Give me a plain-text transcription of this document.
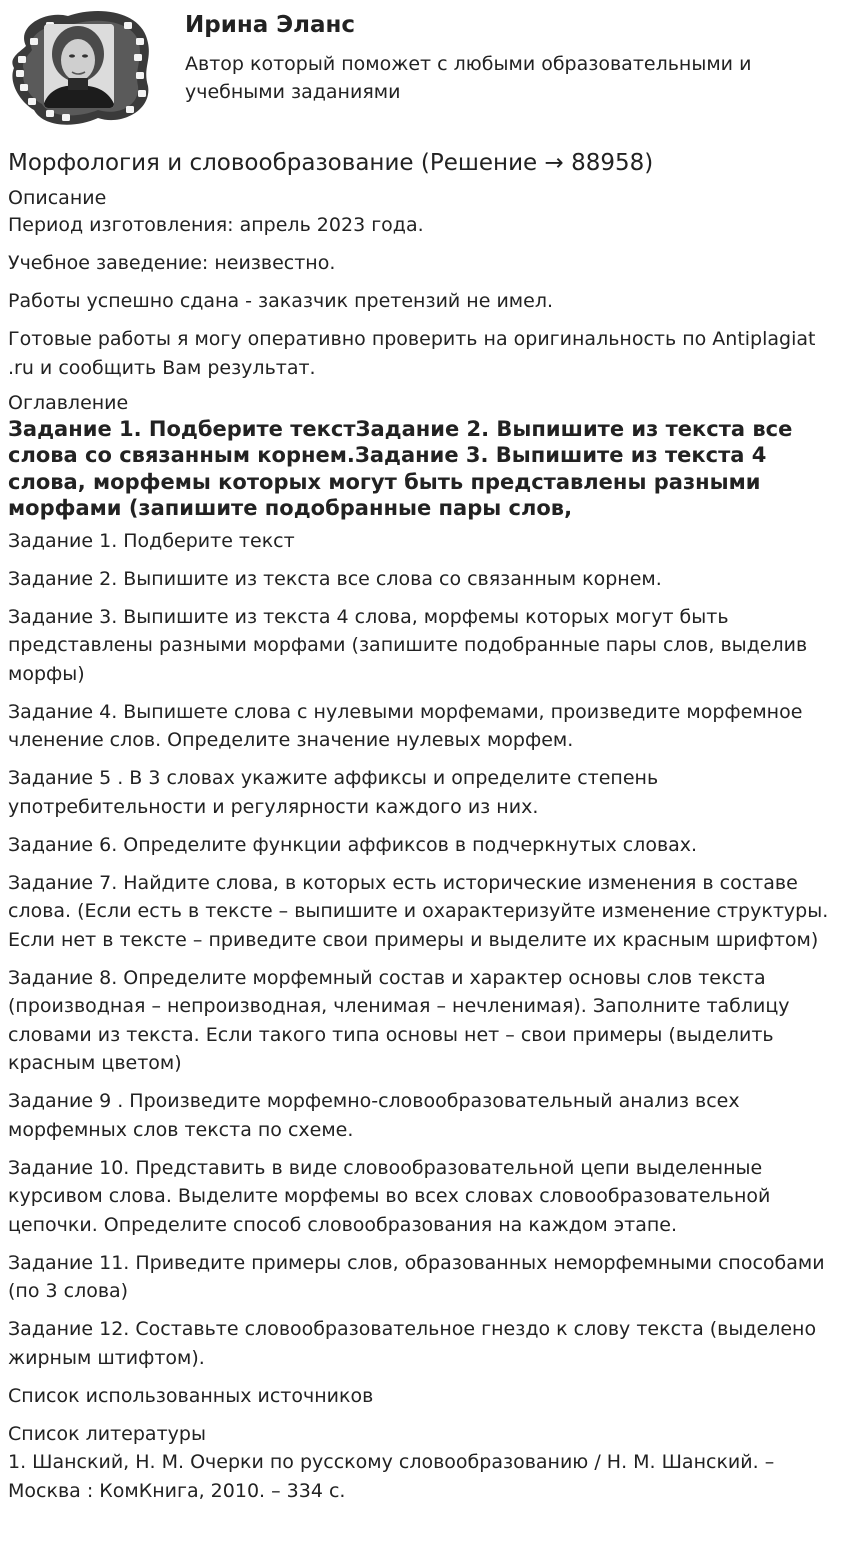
Ирина Эланс
Автор который поможет с любыми образовательными и учебными заданиями
Морфология и словообразование (Решение → 88958)
Описание

Период изготовления: апрель 2023 года.

Учебное заведение: неизвестно.

Работы успешно сдана - заказчик претензий не имел.

Готовые работы я могу оперативно проверить на оригинальность по Antiplagiat .ru и сообщить Вам результат.

Оглавление

Задание 1. Подберите текстЗадание 2. Выпишите из текста все слова со связанным корнем.Задание 3. Выпишите из текста 4 слова, морфемы которых могут быть представлены разными морфами (запишите подобранные пары слов,

Задание 1. Подберите текст

Задание 2. Выпишите из текста все слова со связанным корнем.

Задание 3. Выпишите из текста 4 слова, морфемы которых могут быть представлены разными морфами (запишите подобранные пары слов, выделив морфы)

Задание 4. Выпишете слова с нулевыми морфемами, произведите морфемное членение слов. Определите значение нулевых морфем.

Задание 5 . В 3 словах укажите аффиксы и определите степень употребительности и регулярности каждого из них.

Задание 6. Определите функции аффиксов в подчеркнутых словах.

Задание 7. Найдите слова, в которых есть исторические изменения в составе слова. (Если есть в тексте – выпишите и охарактеризуйте изменение структуры. Если нет в тексте – приведите свои примеры и выделите их красным шрифтом)

Задание 8. Определите морфемный состав и характер основы слов текста (производная – непроизводная, членимая – нечленимая). Заполните таблицу словами из текста. Если такого типа основы нет – свои примеры (выделить красным цветом)

Задание 9 . Произведите морфемно-словообразовательный анализ всех морфемных слов текста по схеме.

Задание 10. Представить в виде словообразовательной цепи выделенные курсивом слова. Выделите морфемы во всех словах словообразовательной цепочки. Определите способ словообразования на каждом этапе.

Задание 11. Приведите примеры слов, образованных неморфемными способами (по 3 слова)

Задание 12. Составьте словообразовательное гнездо к слову текста (выделено жирным штифтом).

Список использованных источников

Список литературы

1. Шанский, Н. М. Очерки по русскому словообразованию / Н. М. Шанский. – Москва : КомКнига, 2010. – 334 с.
